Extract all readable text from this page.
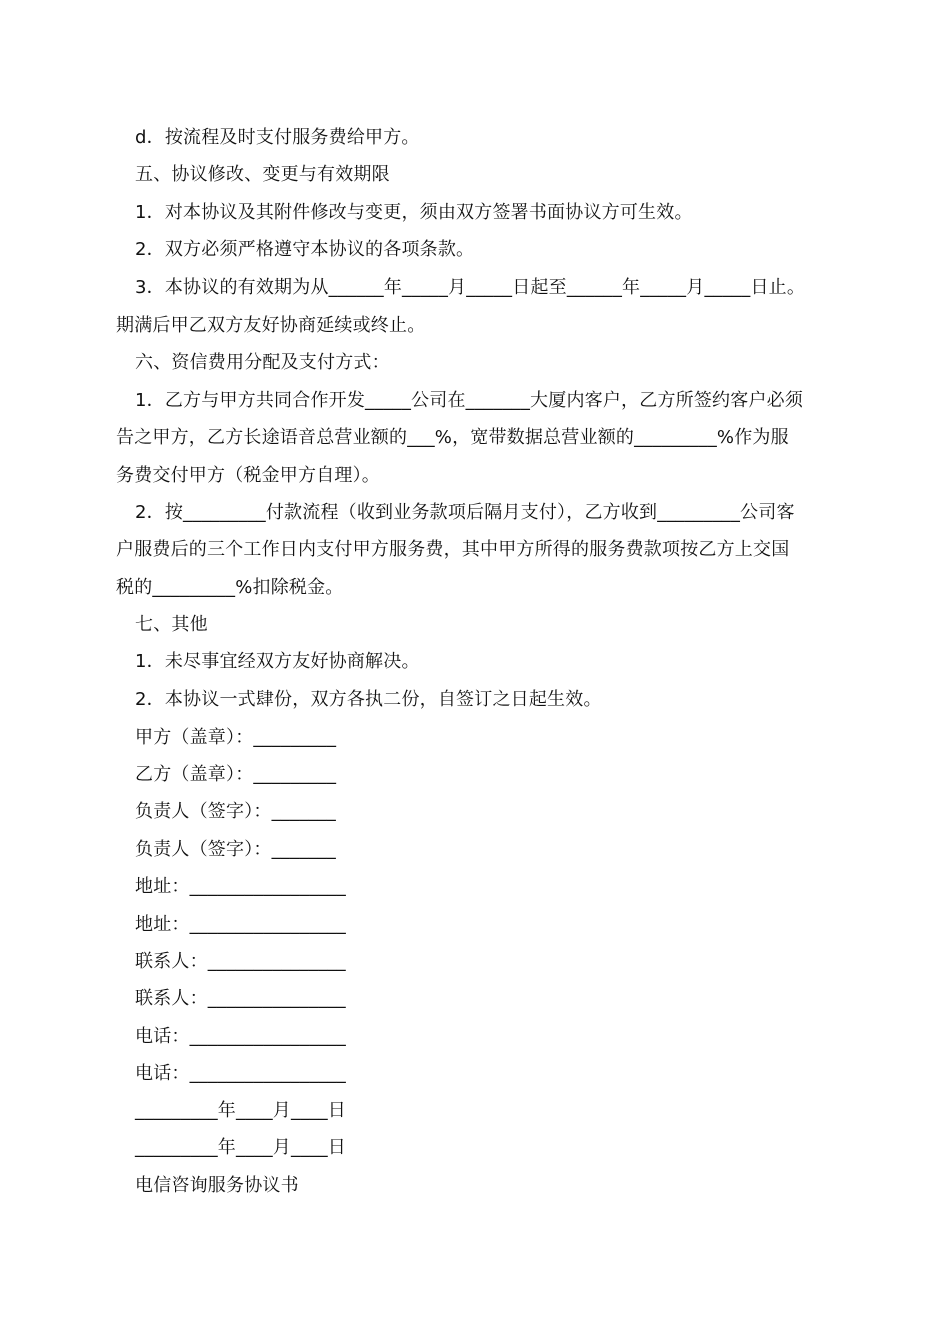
d．按流程及时支付服务费给甲方。
五、协议修改、变更与有效期限
1．对本协议及其附件修改与变更，须由双方签署书面协议方可生效。
2．双方必须严格遵守本协议的各项条款。
3．本协议的有效期为从______年_____月_____日起至______年_____月_____日止。
期满后甲乙双方友好协商延续或终止。
六、资信费用分配及支付方式：
1．乙方与甲方共同合作开发_____公司在_______大厦内客户，乙方所签约客户必须
告之甲方，乙方长途语音总营业额的___%，宽带数据总营业额的_________%作为服
务费交付甲方（税金甲方自理）。
2．按_________付款流程（收到业务款项后隔月支付），乙方收到_________公司客
户服费后的三个工作日内支付甲方服务费，其中甲方所得的服务费款项按乙方上交国
税的_________%扣除税金。
七、其他
1．未尽事宜经双方友好协商解决。
2．本协议一式肆份，双方各执二份，自签订之日起生效。
甲方（盖章）：_________
乙方（盖章）：_________
负责人（签字）：_______
负责人（签字）：_______
地址：_________________
地址：_________________
联系人：_______________
联系人：_______________
电话：_________________
电话：_________________
_________年____月____日
_________年____月____日
电信咨询服务协议书
